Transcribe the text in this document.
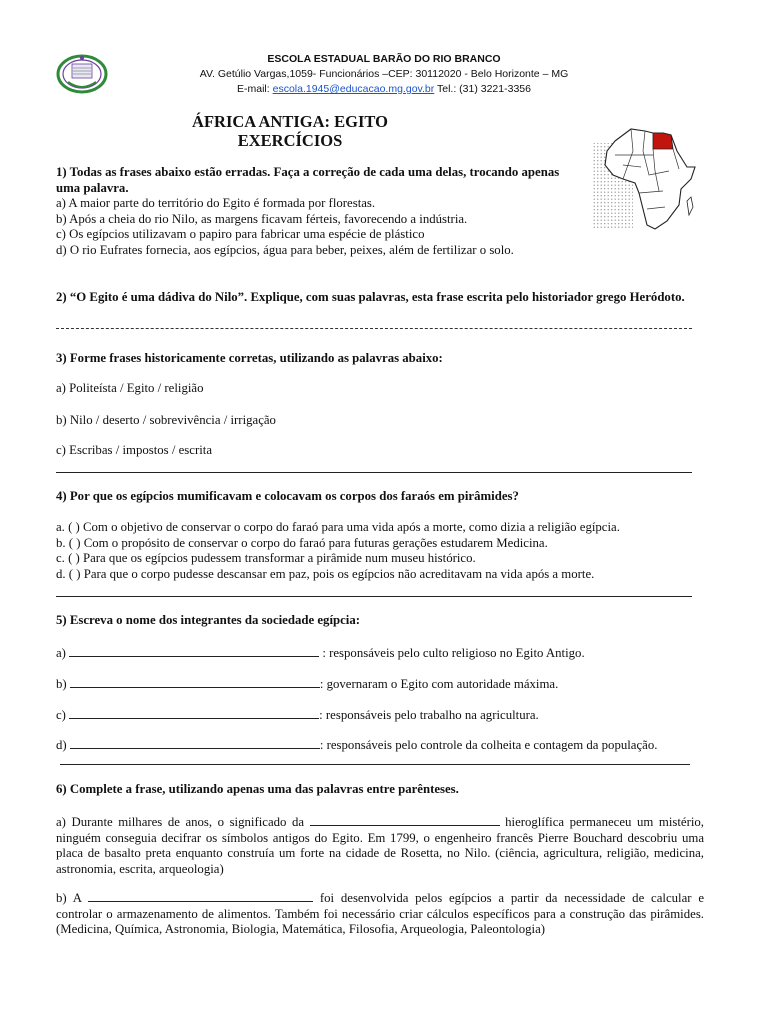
ESCOLA ESTADUAL BARÃO DO RIO BRANCO
AV. Getúlio Vargas,1059- Funcionários –CEP: 30112020 - Belo Horizonte – MG
E-mail: escola.1945@educacao.mg.gov.br Tel.: (31) 3221-3356
ÁFRICA ANTIGA: EGITO
EXERCÍCIOS
1) Todas as frases abaixo estão erradas. Faça a correção de cada uma delas, trocando apenas uma palavra.
a) A maior parte do território do Egito é formada por florestas.
b) Após a cheia do rio Nilo, as margens ficavam férteis, favorecendo a indústria.
c) Os egípcios utilizavam o papiro para fabricar uma espécie de plástico
d) O rio Eufrates fornecia, aos egípcios, água para beber, peixes, além de fertilizar o solo.
2) “O Egito é uma dádiva do Nilo”. Explique, com suas palavras, esta frase escrita pelo historiador grego Heródoto.
3) Forme frases historicamente corretas, utilizando as palavras abaixo:
a) Politeísta / Egito / religião
b) Nilo / deserto / sobrevivência / irrigação
c) Escribas / impostos / escrita
4) Por que os egípcios mumificavam e colocavam os corpos dos faraós em pirâmides?
a. ( ) Com o objetivo de conservar o corpo do faraó para uma vida após a morte, como dizia a religião egípcia.
b. ( ) Com o propósito de conservar o corpo do faraó para futuras gerações estudarem Medicina.
c. ( ) Para que os egípcios pudessem transformar a pirâmide num museu histórico.
d. ( ) Para que o corpo pudesse descansar em paz, pois os egípcios não acreditavam na vida após a morte.
5) Escreva o nome dos integrantes da sociedade egípcia:
a)	: responsáveis pelo culto religioso no Egito Antigo.
b)	: governaram o Egito com autoridade máxima.
c)	: responsáveis pelo trabalho na agricultura.
d)	: responsáveis pelo controle da colheita e contagem da população.
6) Complete a frase, utilizando apenas uma das palavras entre parênteses.
a) Durante milhares de anos, o significado da	hieroglífica permaneceu um mistério, ninguém conseguia decifrar os símbolos antigos do Egito. Em 1799, o engenheiro francês Pierre Bouchard descobriu uma placa de basalto preta enquanto construía um forte na cidade de Rosetta, no Nilo. (ciência, agricultura, religião, medicina, astronomia, escrita, arqueologia)
b) A	foi desenvolvida pelos egípcios a partir da necessidade de calcular e controlar o armazenamento de alimentos. Também foi necessário criar cálculos específicos para a construção das pirâmides. (Medicina, Química, Astronomia, Biologia, Matemática, Filosofia, Arqueologia, Paleontologia)
